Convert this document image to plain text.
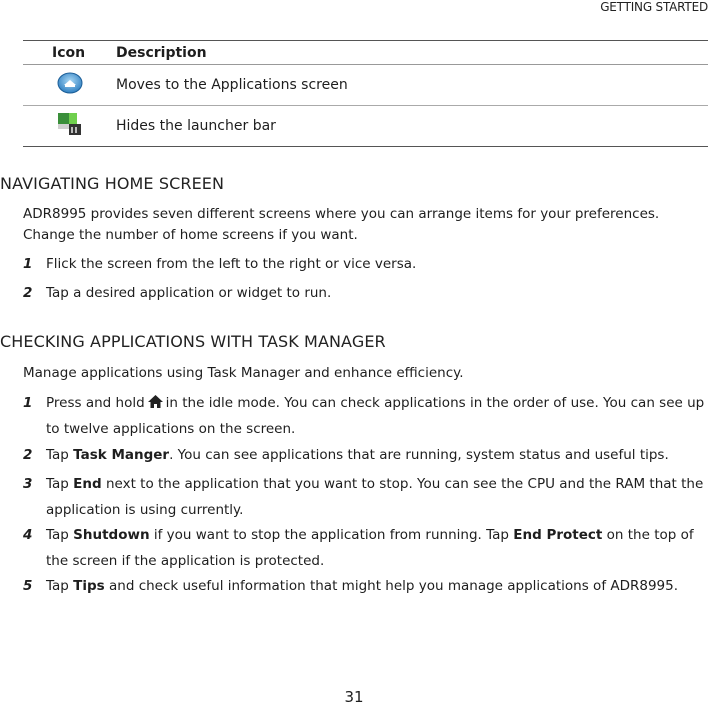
GETTING STARTED
Icon	Description
	Moves to the Applications screen
	Hides the launcher bar
NAVIGATING HOME SCREEN
ADR8995 provides seven different screens where you can arrange items for your preferences. Change the number of home screens if you want.
1	Flick the screen from the left to the right or vice versa.
2	Tap a desired application or widget to run.
CHECKING APPLICATIONS WITH TASK MANAGER
Manage applications using Task Manager and enhance efficiency.
1	Press and hold in the idle mode. You can check applications in the order of use. You can see up to twelve applications on the screen.
2	Tap Task Manger. You can see applications that are running, system status and useful tips.
3	Tap End next to the application that you want to stop. You can see the CPU and the RAM that the application is using currently.
4	Tap Shutdown if you want to stop the application from running. Tap End Protect on the top of the screen if the application is protected.
5	Tap Tips and check useful information that might help you manage applications of ADR8995.
31
